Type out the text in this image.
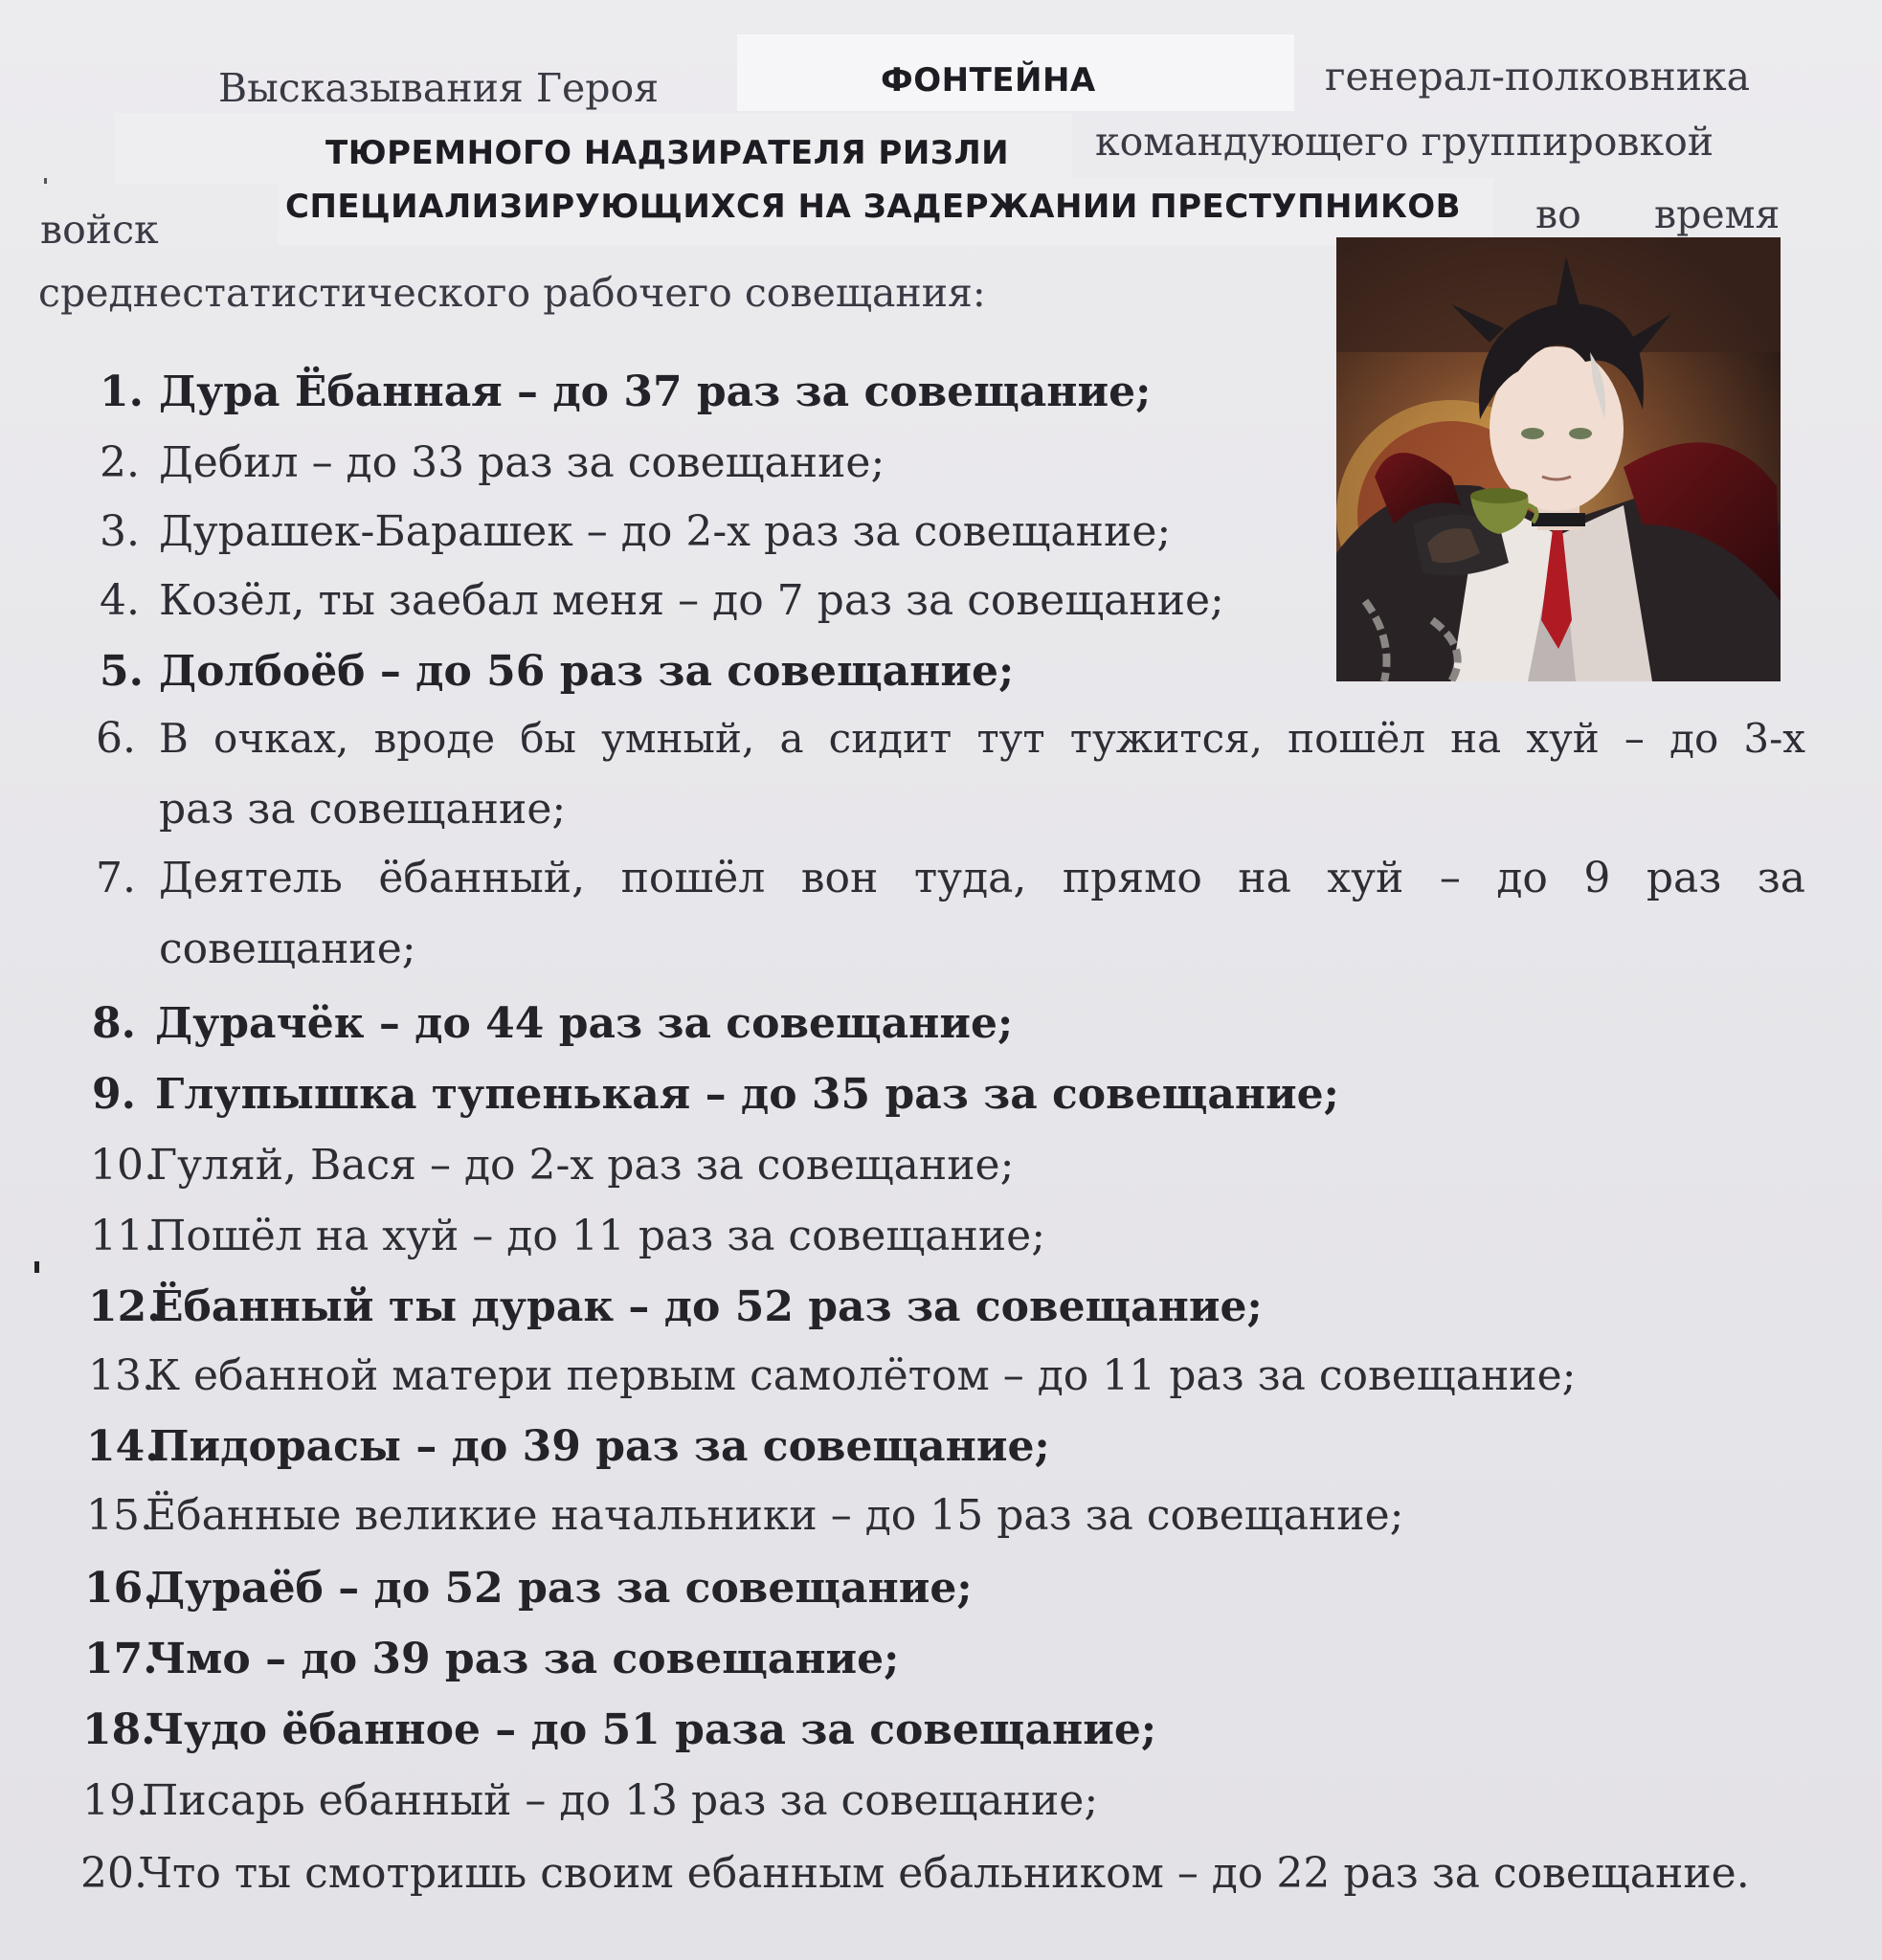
Высказывания Героя	ФОНТЕЙНА	генерал-полковника
ТЮРЕМНОГО НАДЗИРАТЕЛЯ РИЗЛИ командующего группировкой
войск	СПЕЦИАЛИЗИРУЮЩИХСЯ НА ЗАДЕРЖАНИИ ПРЕСТУПНИКОВ во время
среднестатистического рабочего совещания:
1. Дура Ёбанная – до 37 раз за совещание;
2. Дебил – до 33 раз за совещание;
3. Дурашек-Барашек – до 2-х раз за совещание;
4. Козёл, ты заебал меня – до 7 раз за совещание;
5. Долбоёб – до 56 раз за совещание;
6. В очках, вроде бы умный, а сидит тут тужится, пошёл на хуй – до 3-х
раз за совещание;
7. Деятель ёбанный, пошёл вон туда, прямо на хуй – до 9 раз за
совещание;
8. Дурачёк – до 44 раз за совещание;
9. Глупышка тупенькая – до 35 раз за совещание;
10.Гуляй, Вася – до 2-х раз за совещание;
11.Пошёл на хуй – до 11 раз за совещание;
12.Ёбанный ты дурак – до 52 раз за совещание;
13.К ебанной матери первым самолётом – до 11 раз за совещание;
14.Пидорасы – до 39 раз за совещание;
15.Ёбанные великие начальники – до 15 раз за совещание;
16.Дураёб – до 52 раз за совещание;
17.Чмо – до 39 раз за совещание;
18.Чудо ёбанное – до 51 раза за совещание;
19.Писарь ебанный – до 13 раз за совещание;
20.Что ты смотришь своим ебанным ебальником – до 22 раз за совещание.
